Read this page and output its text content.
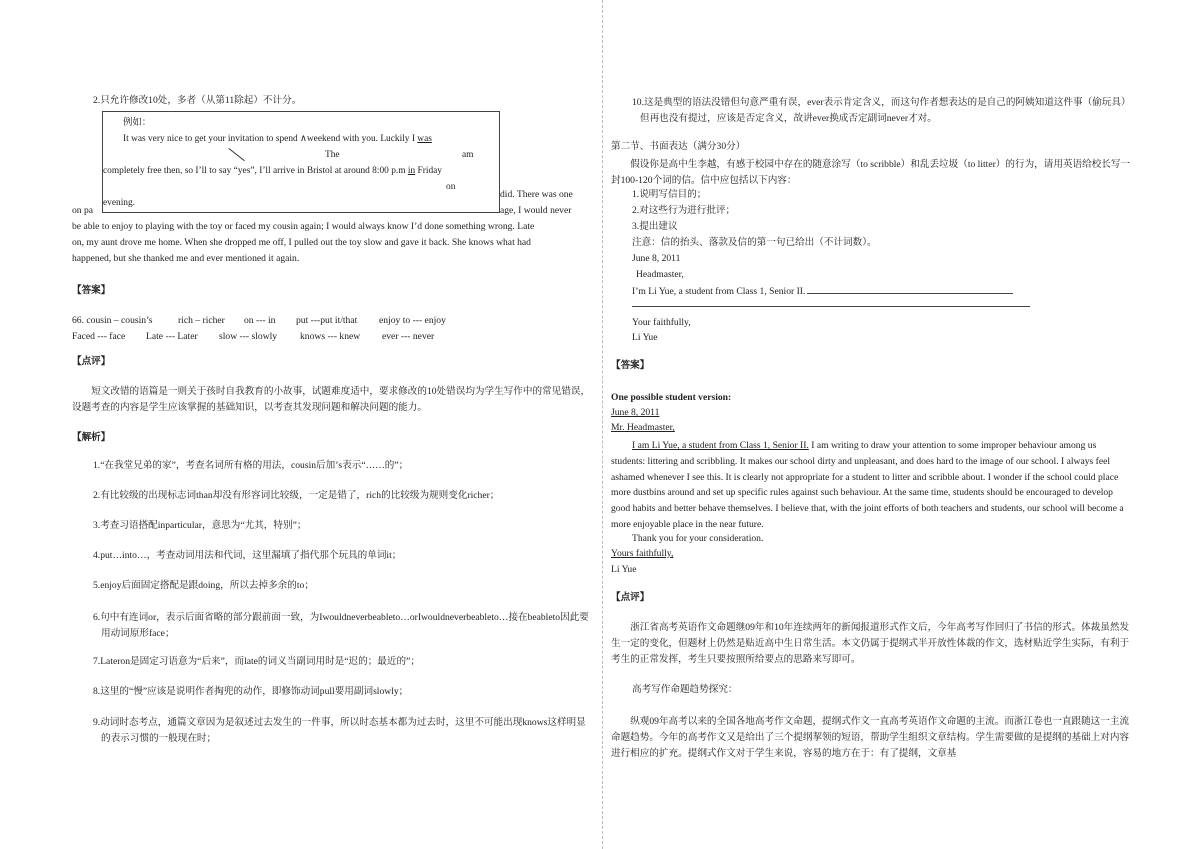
2.只允许修改10处，多者（从第11除起）不计分。
on pa
did. There was one
age, I would never
be able to enjoy to playing with the toy or faced my cousin again; I would always know I’d done something wrong. Late
on, my aunt drove me home. When she dropped me off, I pulled out the toy slow and gave it back. She knows what had
happened, but she thanked me and ever mentioned it again.
例如：
It was very nice to get your invitation to spend ∧weekend with you. Luckily I was
The	am
completely free then, so I’ll to say “yes”, I’ll arrive in Bristol at around 8:00 p.m in Friday
on
evening.
【答案】
66. cousin – cousin’s	rich – richer on --- in put ---put it/that enjoy to --- enjoy
Faced --- face Late --- Later slow --- slowly knows --- knew ever --- never
【点评】
短文改错的语篇是一则关于孩时自我教育的小故事，试题难度适中，要求修改的10处错误均为学生写作中的常见错误，设题考查的内容是学生应该掌握的基础知识，以考查其发现问题和解决问题的能力。
【解析】
1.“在我堂兄弟的家”，考查名词所有格的用法，cousin后加’s表示“……的”；
2.有比较级的出现标志词than却没有形容词比较级，一定是错了，rich的比较级为规则变化richer；
3.考查习语搭配inparticular，意思为“尤其，特别”；
4.put…into…，考查动词用法和代词，这里漏填了指代那个玩具的单词it；
5.enjoy后面固定搭配是跟doing，所以去掉多余的to；
6.句中有连词or，表示后面省略的部分跟前面一致，为Iwouldneverbeableto…orIwouldneverbeableto…接在beableto因此要用动词原形face；
7.Lateron是固定习语意为“后来”，而late的词义当副词用时是“迟的；最近的”；
8.这里的“慢”应该是说明作者掏兜的动作，即修饰动词pull要用副词slowly；
9.动词时态考点，通篇文章因为是叙述过去发生的一件事，所以时态基本都为过去时，这里不可能出现knows这样明显的表示习惯的一般现在时；
10.这是典型的语法没错但句意严重有误，ever表示肯定含义，而这句作者想表达的是自己的阿姨知道这件事（偷玩具）但再也没有提过，应该是否定含义，故讲ever换成否定副词never才对。
第二节、书面表达（满分30分）
假设你是高中生李越，有感于校园中存在的随意涂写（to scribble）和乱丢垃圾（to litter）的行为，请用英语给校长写一封100-120个词的信。信中应包括以下内容：
1.说明写信目的；
2.对这些行为进行批评；
3.提出建议
注意：信的抬头、落款及信的第一句已给出（不计词数）。
June 8, 2011
Headmaster,
I’m Li Yue, a student from Class 1, Senior II.
Your faithfully,
Li Yue
【答案】
One possible student version:
June 8, 2011
Mr. Headmaster,
I am Li Yue, a student from Class 1, Senior II. I am writing to draw your attention to some improper behaviour among us students: littering and scribbling. It makes our school dirty and unpleasant, and does hard to the image of our school. I always feel ashamed whenever I see this. It is clearly not appropriate for a student to litter and scribble about. I wonder if the school could place more dustbins around and set up specific rules against such behaviour. At the same time, students should be encouraged to develop good habits and better behave themselves. I believe that, with the joint efforts of both teachers and students, our school will become a more enjoyable place in the near future.
Thank you for your consideration.
Yours faithfully,
Li Yue
【点评】
浙江省高考英语作文命题继09年和10年连续两年的新闻报道形式作文后，今年高考写作回归了书信的形式。体裁虽然发生一定的变化，但题材上仍然是贴近高中生日常生活。本文仍属于提纲式半开放性体裁的作文，选材贴近学生实际，有利于考生的正常发挥，考生只要按照所给要点的思路来写即可。
高考写作命题趋势探究：
纵观09年高考以来的全国各地高考作文命题，提纲式作文一直高考英语作文命题的主流。而浙江卷也一直跟随这一主流命题趋势。今年的高考作文又是给出了三个提纲挈领的短语，帮助学生组织文章结构。学生需要做的是提纲的基础上对内容进行相应的扩充。提纲式作文对于学生来说，容易的地方在于：有了提纲，文章基
